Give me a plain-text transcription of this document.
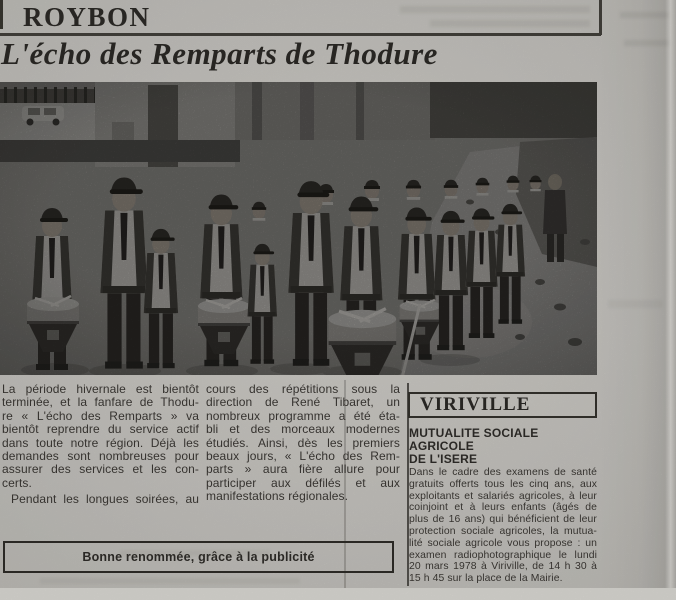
ROYBON
L'écho des Remparts de Thodure
La période hivernale est bientôt
terminée, et la fanfare de Thodu-
re « L'écho des Remparts » va
bientôt reprendre du service actif
dans toute notre région. Déjà les
demandes sont nombreuses pour
assurer des services et les con-
certs.
Pendant les longues soirées, au
cours des répétitions sous la
direction de René Tibaret, un
nombreux programme a été éta-
bli et des morceaux modernes
étudiés. Ainsi, dès les premiers
beaux jours, « L'écho des Rem-
parts » aura fière allure pour
participer aux défilés et aux
manifestations régionales.
VIRIVILLE
MUTUALITE SOCIALE
AGRICOLE
DE L'ISERE
Dans le cadre des examens de santé
gratuits offerts tous les cinq ans, aux
exploitants et salariés agricoles, à leur
coinjoint et à leurs enfants (âgés de
plus de 16 ans) qui bénéficient de leur
protection sociale agricoles, la mutua-
lité sociale agricole vous propose : un
examen radiophotographique le lundi
20 mars 1978 à Viriville, de 14 h 30 à
15 h 45 sur la place de la Mairie.
Bonne renommée, grâce à la publicité
